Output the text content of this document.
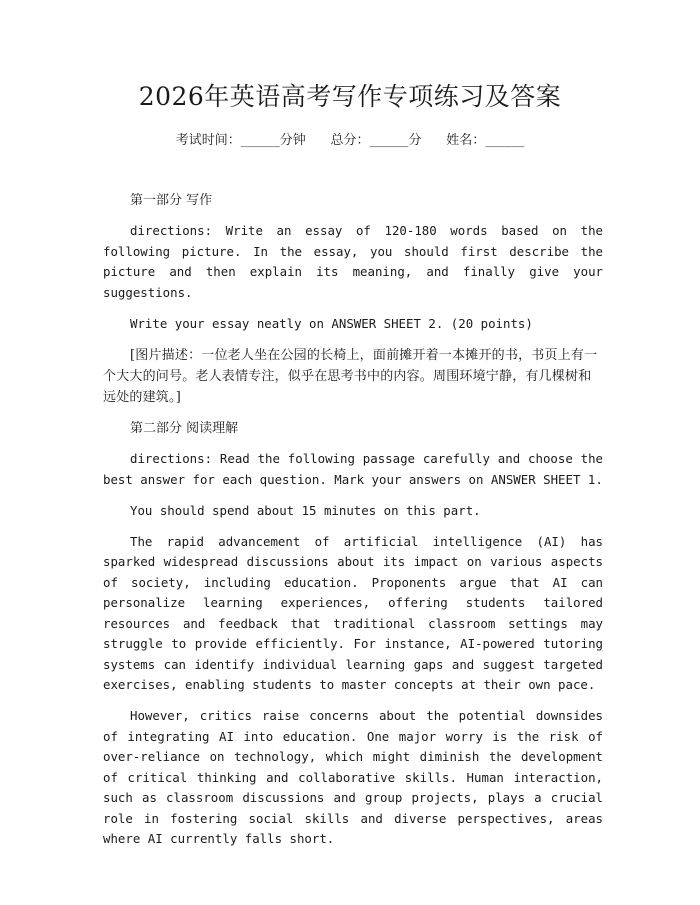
2026年英语高考写作专项练习及答案
考试时间：______分钟      总分：______分      姓名：______

第一部分 写作

directions: Write an essay of 120-180 words based on the following picture. In the essay, you should first describe the picture and then explain its meaning, and finally give your suggestions.

Write your essay neatly on ANSWER SHEET 2. (20 points)

[图片描述：一位老人坐在公园的长椅上，面前摊开着一本摊开的书，书页上有一个大大的问号。老人表情专注，似乎在思考书中的内容。周围环境宁静，有几棵树和远处的建筑。]

第二部分 阅读理解

directions: Read the following passage carefully and choose the best answer for each question. Mark your answers on ANSWER SHEET 1.

You should spend about 15 minutes on this part.

The rapid advancement of artificial intelligence (AI) has sparked widespread discussions about its impact on various aspects of society, including education. Proponents argue that AI can personalize learning experiences, offering students tailored resources and feedback that traditional classroom settings may struggle to provide efficiently. For instance, AI-powered tutoring systems can identify individual learning gaps and suggest targeted exercises, enabling students to master concepts at their own pace.

However, critics raise concerns about the potential downsides of integrating AI into education. One major worry is the risk of over-reliance on technology, which might diminish the development of critical thinking and collaborative skills. Human interaction, such as classroom discussions and group projects, plays a crucial role in fostering social skills and diverse perspectives, areas where AI currently falls short.
